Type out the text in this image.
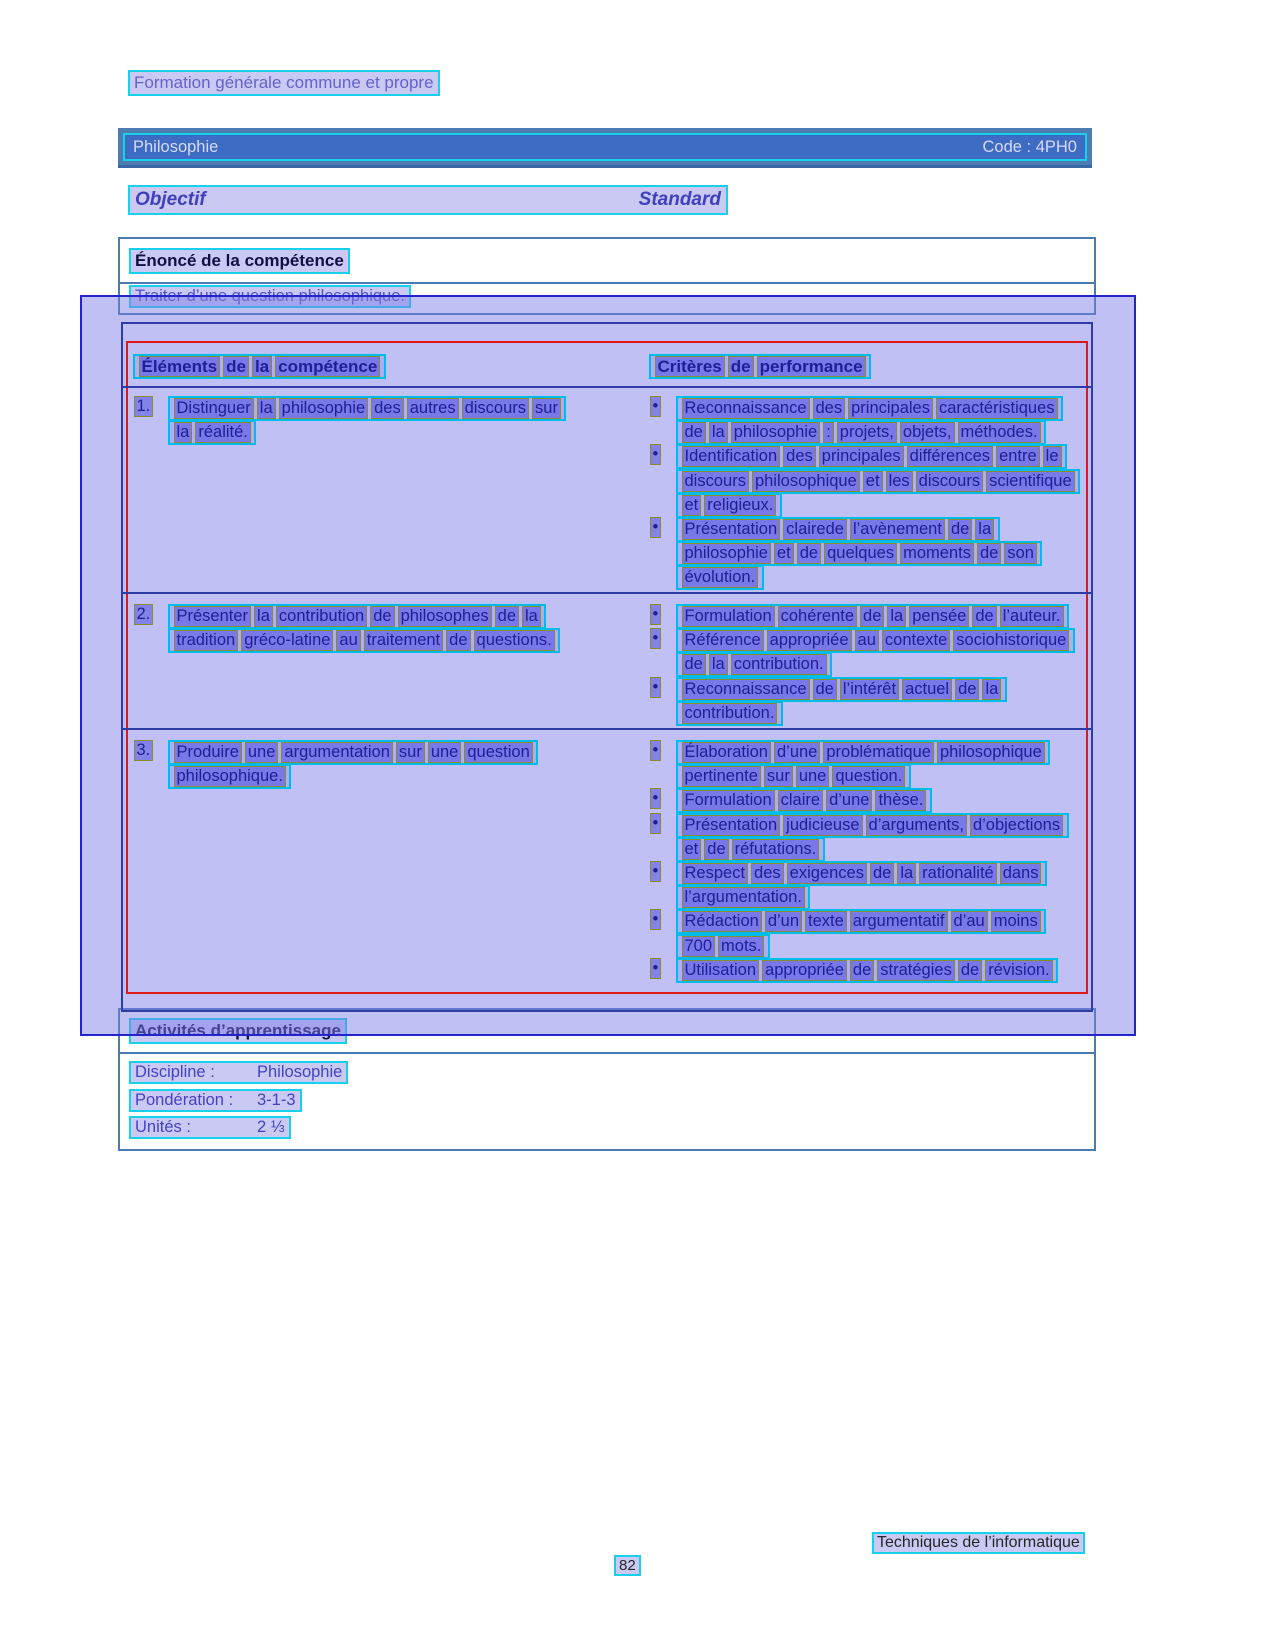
Formation générale commune et propre
Philosophie	Code : 4PH0
Objectif	Standard
Énoncé de la compétence
Traiter d’une question philosophique.
Éléments de la compétence	Critères de performance
1. Distinguer la philosophie des autres discours sur
la réalité.
• Reconnaissance des principales caractéristiques
de la philosophie : projets, objets, méthodes.
• Identification des principales différences entre le
discours philosophique et les discours scientifique
et religieux.
• Présentation clairede l’avènement de la
philosophie et de quelques moments de son
évolution.
2. Présenter la contribution de philosophes de la
tradition gréco-latine au traitement de questions.
• Formulation cohérente de la pensée de l’auteur.
• Référence appropriée au contexte sociohistorique
de la contribution.
• Reconnaissance de l’intérêt actuel de la
contribution.
3. Produire une argumentation sur une question
philosophique.
• Élaboration d’une problématique philosophique
pertinente sur une question.
• Formulation claire d’une thèse.
• Présentation judicieuse d’arguments, d’objections
et de réfutations.
• Respect des exigences de la rationalité dans
l’argumentation.
• Rédaction d’un texte argumentatif d’au moins
700 mots.
• Utilisation appropriée de stratégies de révision.
Activités d’apprentissage
Discipline :	Philosophie
Pondération : 3-1-3
Unités :	2 ⅓
Techniques de l’informatique
82
